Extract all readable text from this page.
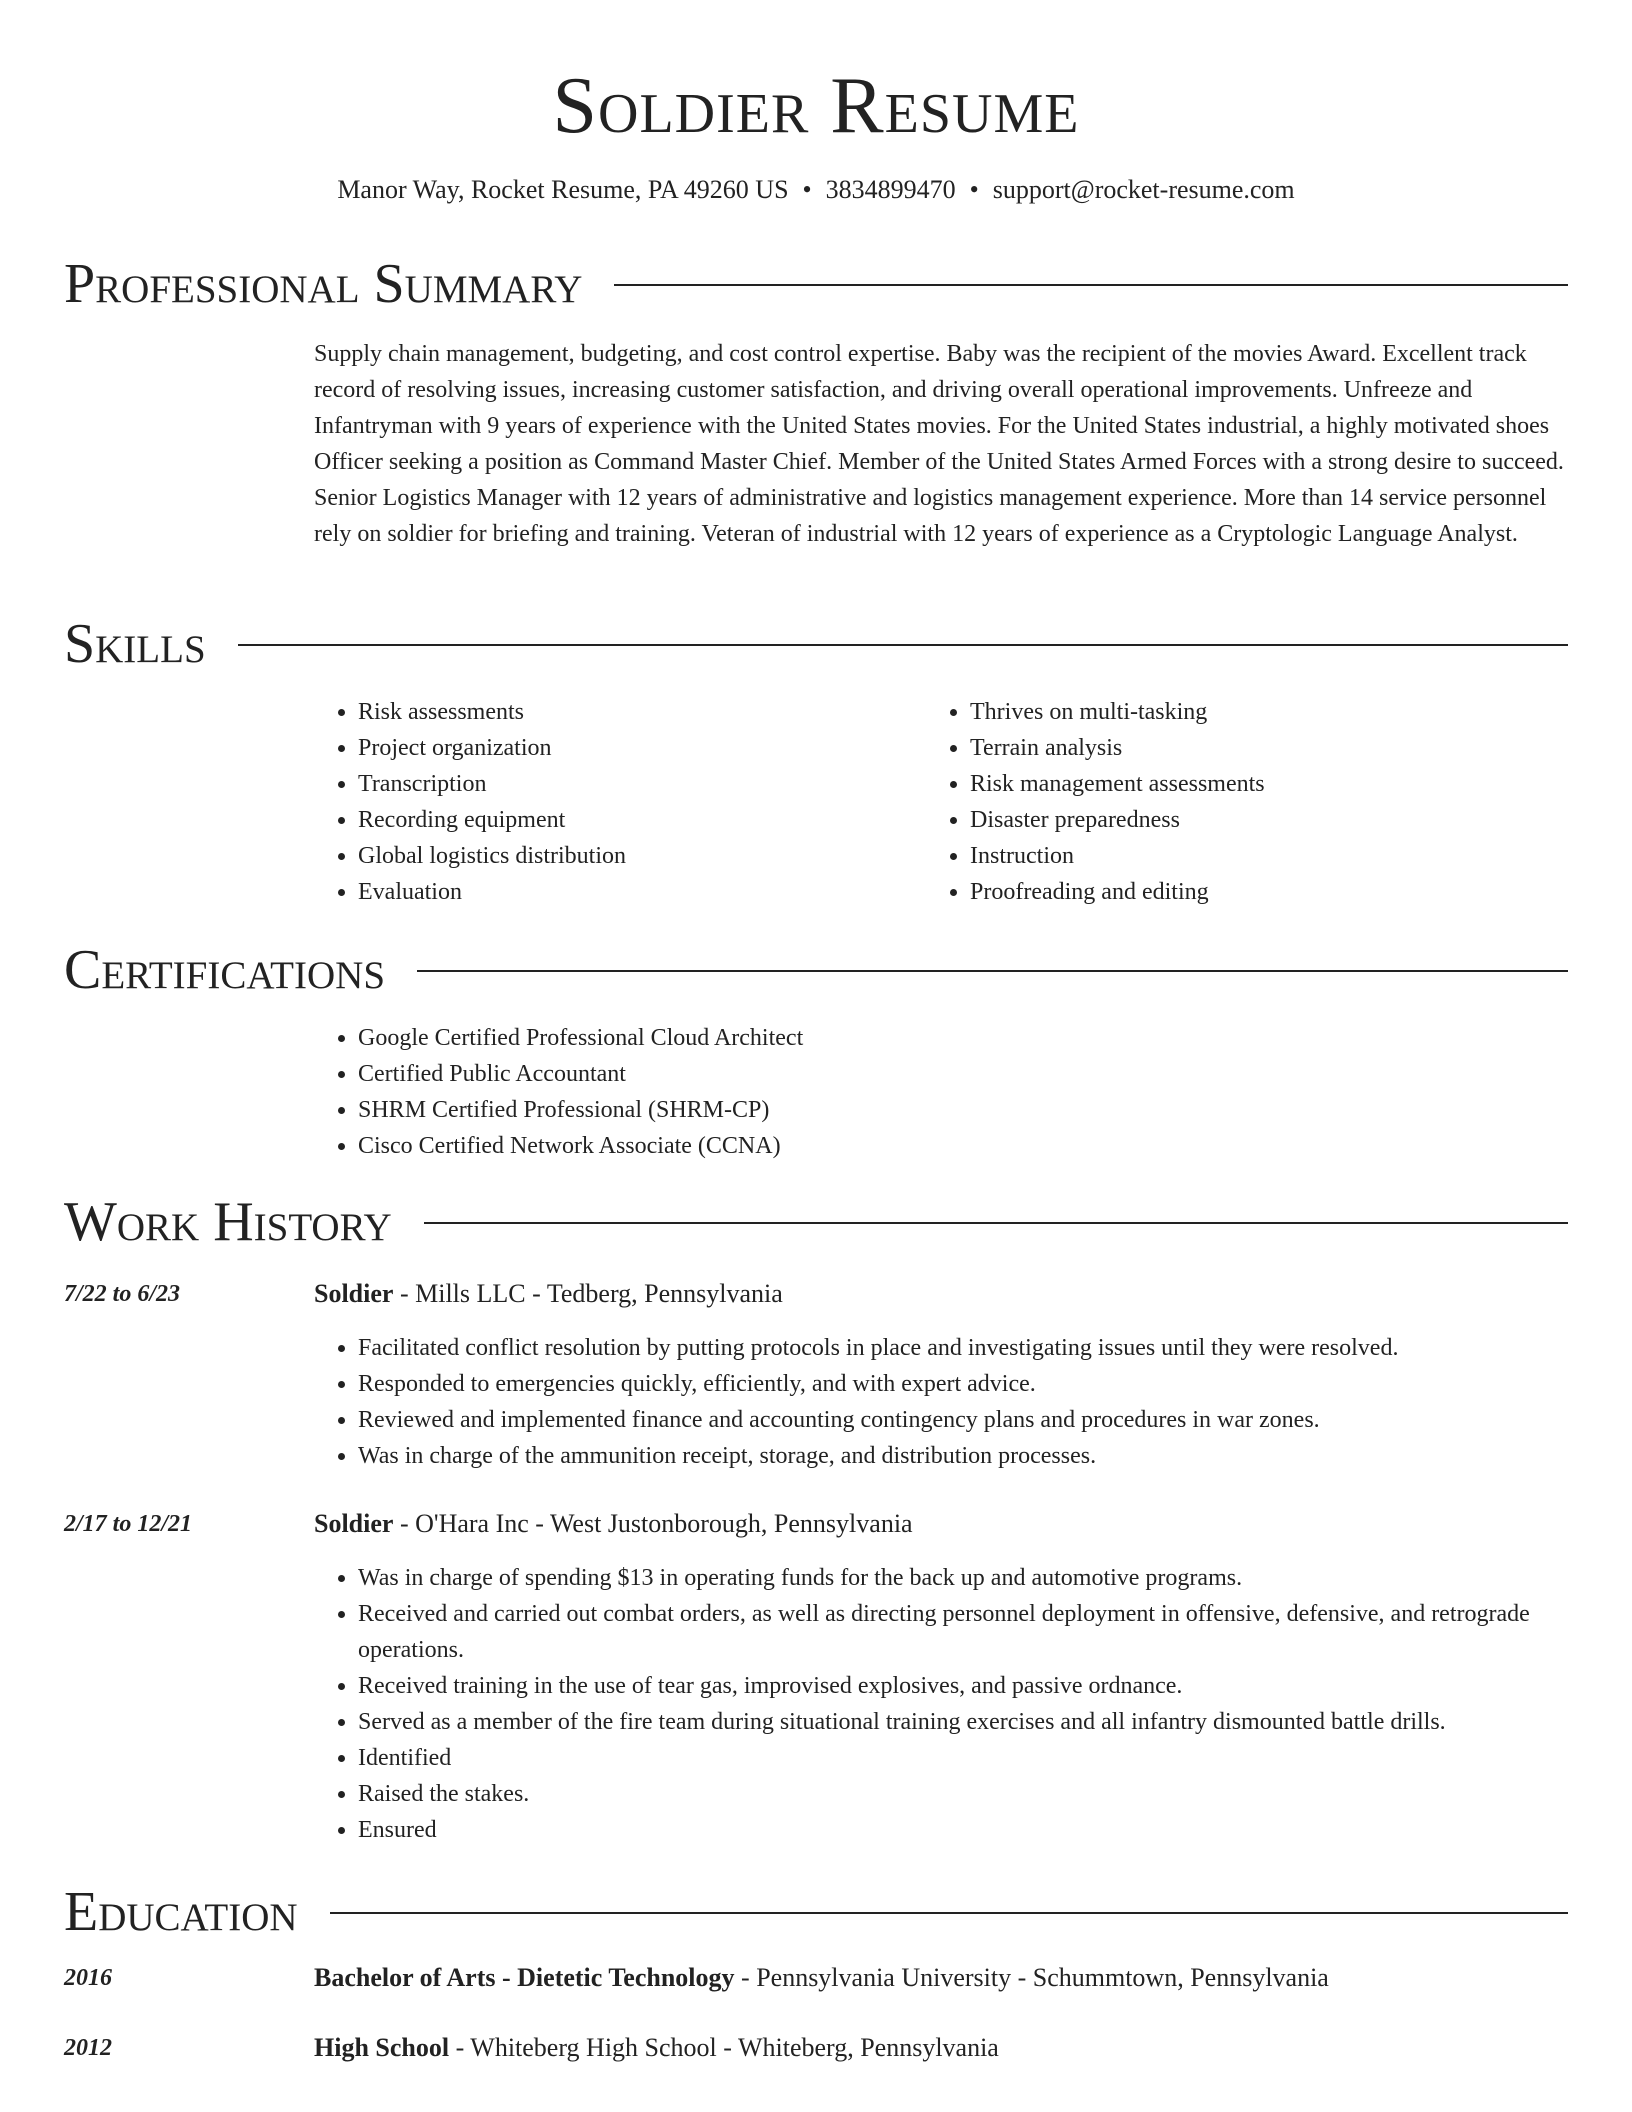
Soldier Resume
Manor Way, Rocket Resume, PA 49260 US • 3834899470 • support@rocket-resume.com
Professional Summary
Supply chain management, budgeting, and cost control expertise. Baby was the recipient of the movies Award. Excellent track record of resolving issues, increasing customer satisfaction, and driving overall operational improvements. Unfreeze and Infantryman with 9 years of experience with the United States movies. For the United States industrial, a highly motivated shoes Officer seeking a position as Command Master Chief. Member of the United States Armed Forces with a strong desire to succeed. Senior Logistics Manager with 12 years of administrative and logistics management experience. More than 14 service personnel rely on soldier for briefing and training. Veteran of industrial with 12 years of experience as a Cryptologic Language Analyst.
Skills
• Risk assessments
• Project organization
• Transcription
• Recording equipment
• Global logistics distribution
• Evaluation
• Thrives on multi-tasking
• Terrain analysis
• Risk management assessments
• Disaster preparedness
• Instruction
• Proofreading and editing
Certifications
• Google Certified Professional Cloud Architect
• Certified Public Accountant
• SHRM Certified Professional (SHRM-CP)
• Cisco Certified Network Associate (CCNA)
Work History
7/22 to 6/23	Soldier - Mills LLC - Tedberg, Pennsylvania
• Facilitated conflict resolution by putting protocols in place and investigating issues until they were resolved.
• Responded to emergencies quickly, efficiently, and with expert advice.
• Reviewed and implemented finance and accounting contingency plans and procedures in war zones.
• Was in charge of the ammunition receipt, storage, and distribution processes.
2/17 to 12/21	Soldier - O'Hara Inc - West Justonborough, Pennsylvania
• Was in charge of spending $13 in operating funds for the back up and automotive programs.
• Received and carried out combat orders, as well as directing personnel deployment in offensive, defensive, and retrograde operations.
• Received training in the use of tear gas, improvised explosives, and passive ordnance.
• Served as a member of the fire team during situational training exercises and all infantry dismounted battle drills.
• Identified
• Raised the stakes.
• Ensured
Education
2016	Bachelor of Arts - Dietetic Technology - Pennsylvania University - Schummtown, Pennsylvania
2012	High School - Whiteberg High School - Whiteberg, Pennsylvania
